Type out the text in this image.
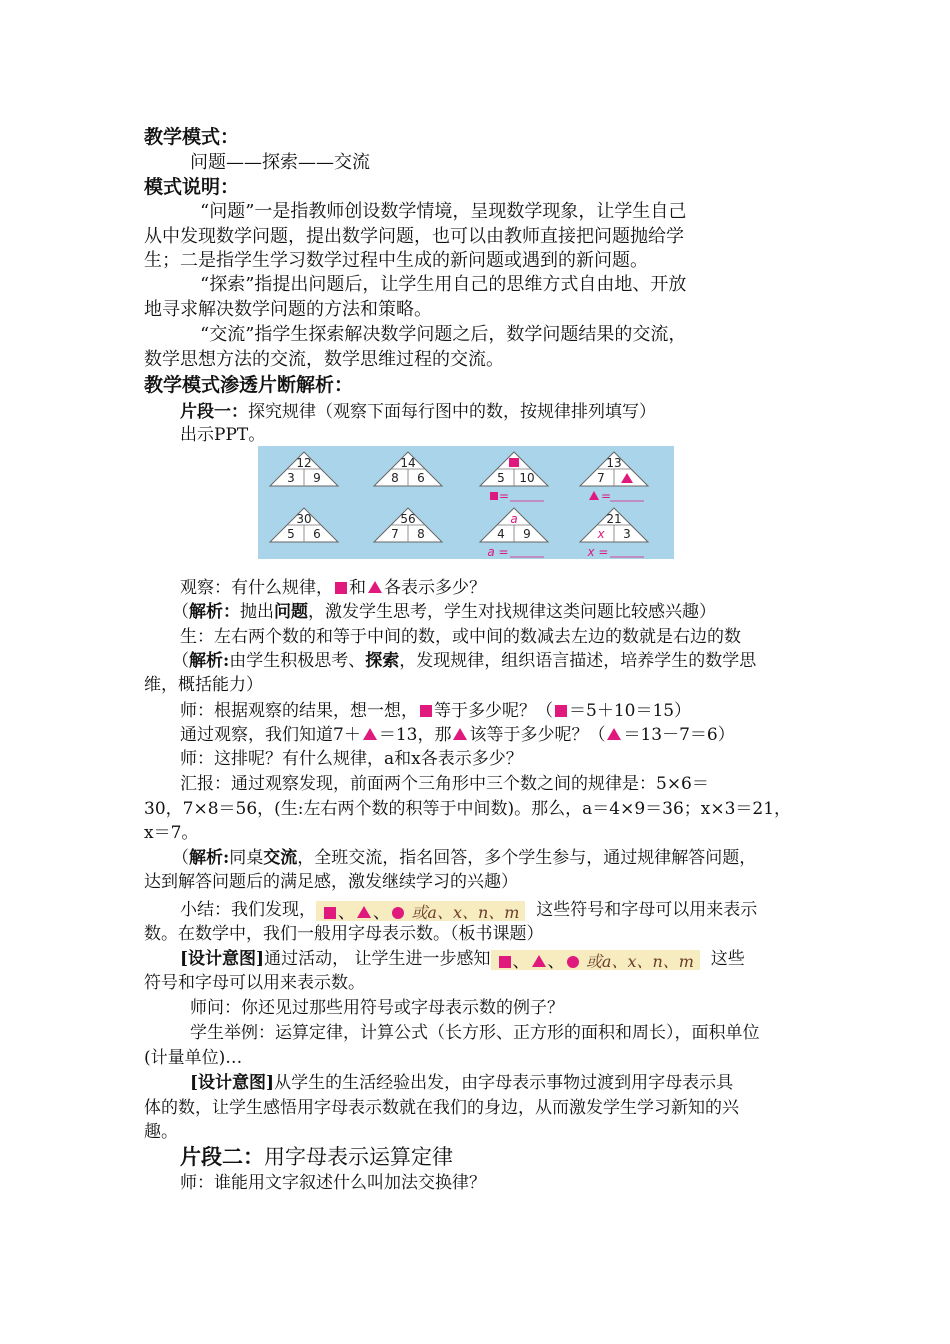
教学模式：
问题——探索——交流
模式说明：
“问题”一是指教师创设数学情境，呈现数学现象，让学生自己
从中发现数学问题，提出数学问题，也可以由教师直接把问题抛给学
生；二是指学生学习数学过程中生成的新问题或遇到的新问题。
“探索”指提出问题后，让学生用自己的思维方式自由地、开放
地寻求解决数学问题的方法和策略。
“交流”指学生探索解决数学问题之后，数学问题结果的交流，
数学思想方法的交流，数学思维过程的交流。
教学模式渗透片断解析：
片段一：探究规律（观察下面每行图中的数，按规律排列填写）
出示PPT。
12
3 9
14
8 6	5 10
=
13
7
=
30
5 6
56
7 8
a
4 9
a =
21
x 3
x =
观察：有什么规律， 和 各表示多少？
（解析：抛出问题，激发学生思考，学生对找规律这类问题比较感兴趣）
生：左右两个数的和等于中间的数，或中间的数减去左边的数就是右边的数
（解析:由学生积极思考、探索，发现规律，组织语言描述，培养学生的数学思
维，概括能力）
师：根据观察的结果，想一想， 等于多少呢？（ ＝5＋10＝15）
通过观察，我们知道7＋ ＝13，那 该等于多少呢？（ ＝13－7＝6）
师：这排呢？有什么规律，a和x各表示多少？
汇报：通过观察发现，前面两个三角形中三个数之间的规律是：5×6＝
30，7×8＝56，(生:左右两个数的积等于中间数)。那么，a＝4×9＝36；x×3＝21，
x＝7。
（解析:同桌交流，全班交流，指名回答，多个学生参与，通过规律解答问题，
达到解答问题后的满足感，激发继续学习的兴趣）
小结：我们发现， 、 、 或a、x、n、m 这些符号和字母可以用来表示
数。在数学中，我们一般用字母表示数。（板书课题）
[设计意图]通过活动， 让学生进一步感知 、 、 或a、x、n、m 这些
符号和字母可以用来表示数。
师问：你还见过那些用符号或字母表示数的例子？
学生举例：运算定律，计算公式（长方形、正方形的面积和周长），面积单位
(计量单位)…
[设计意图]从学生的生活经验出发，由字母表示事物过渡到用字母表示具
体的数，让学生感悟用字母表示数就在我们的身边，从而激发学生学习新知的兴
趣。
片段二：用字母表示运算定律
师：谁能用文字叙述什么叫加法交换律？
